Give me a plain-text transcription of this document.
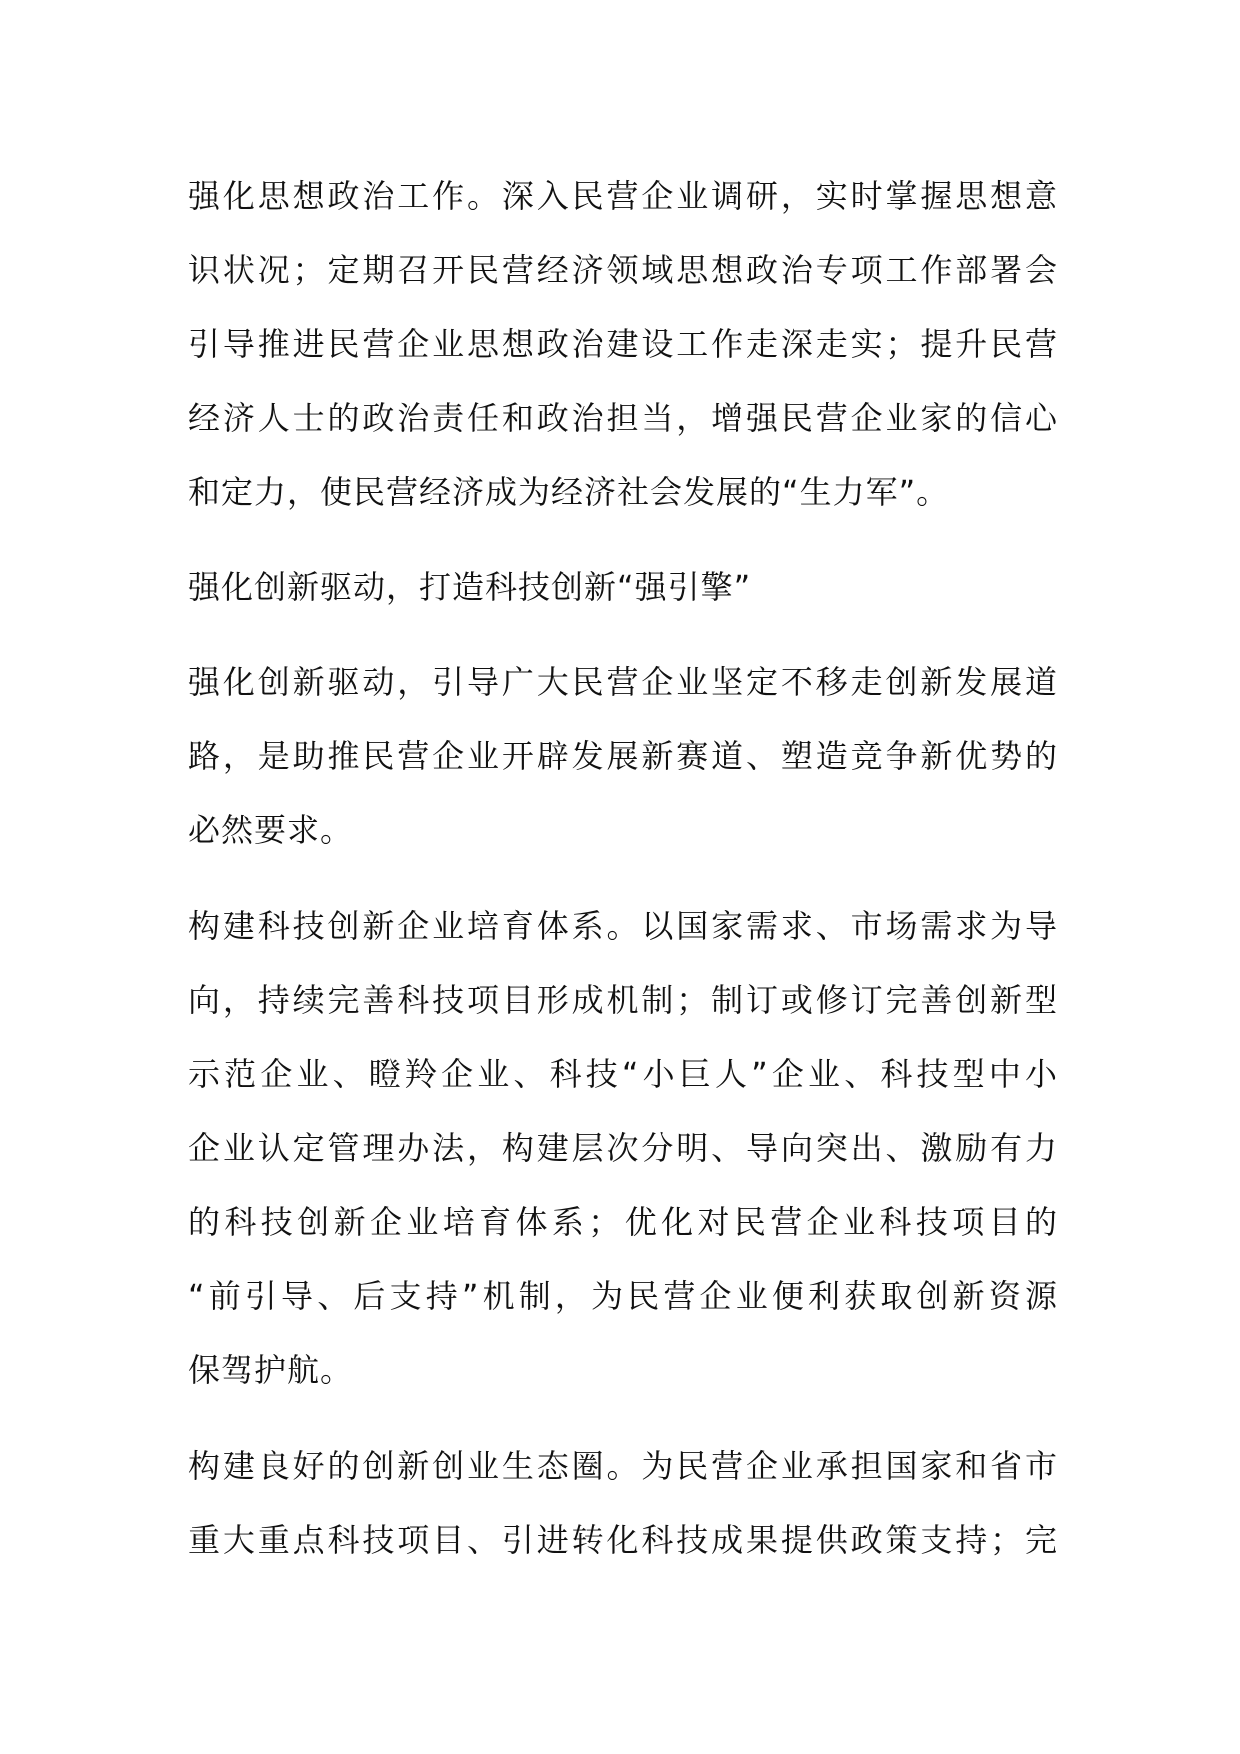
强化思想政治工作。深入民营企业调研，实时掌握思想意
识状况；定期召开民营经济领域思想政治专项工作部署会
引导推进民营企业思想政治建设工作走深走实；提升民营
经济人士的政治责任和政治担当，增强民营企业家的信心
和定力，使民营经济成为经济社会发展的“生力军”。
强化创新驱动，打造科技创新“强引擎”
强化创新驱动，引导广大民营企业坚定不移走创新发展道
路，是助推民营企业开辟发展新赛道、塑造竞争新优势的
必然要求。
构建科技创新企业培育体系。以国家需求、市场需求为导
向，持续完善科技项目形成机制；制订或修订完善创新型
示范企业、瞪羚企业、科技“小巨人”企业、科技型中小
企业认定管理办法，构建层次分明、导向突出、激励有力
的科技创新企业培育体系；优化对民营企业科技项目的
“前引导、后支持”机制，为民营企业便利获取创新资源
保驾护航。
构建良好的创新创业生态圈。为民营企业承担国家和省市
重大重点科技项目、引进转化科技成果提供政策支持；完
